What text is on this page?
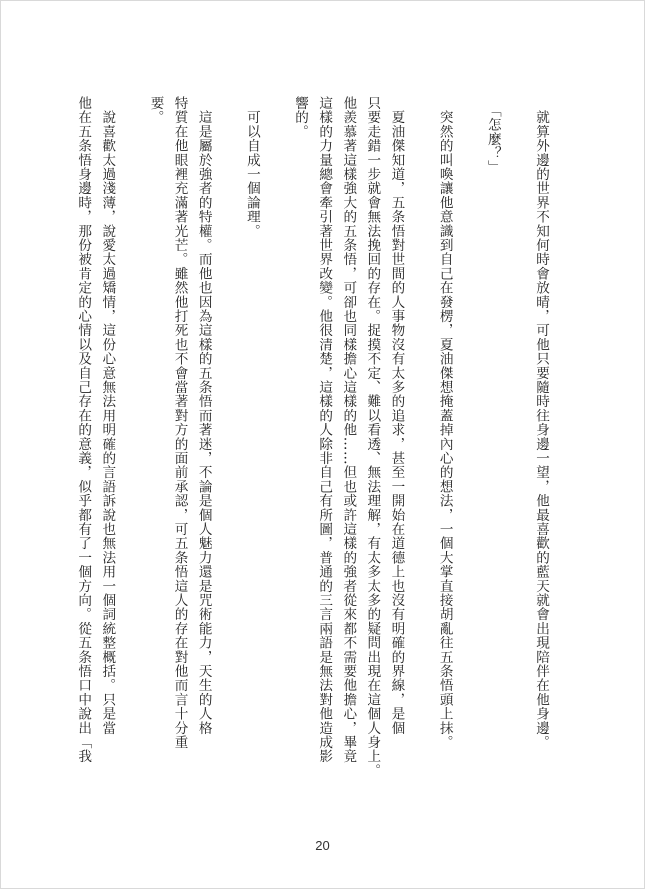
　就算外邊的世界不知何時會放晴，可他只要隨時往身邊一望，他最喜歡的藍天就會出現陪伴在他身邊。
　「怎麼？」
　突然的叫喚讓他意識到自己在發楞，夏油傑想掩蓋掉內心的想法，一個大掌直接胡亂往五条悟頭上抹。
　夏油傑知道，五条悟對世間的人事物沒有太多的追求，甚至一開始在道德上也沒有明確的界線，是個
只要走錯一步就會無法挽回的存在。捉摸不定、難以看透、無法理解，有太多太多的疑問出現在這個人身上。
他羨慕著這樣強大的五条悟，可卻也同樣擔心這樣的他……但也或許這樣的強者從來都不需要他擔心，畢竟
這樣的力量總會牽引著世界改變。他很清楚，這樣的人除非自己有所圖，普通的三言兩語是無法對他造成影
響的。
　可以自成一個論理。
　這是屬於強者的特權。而他也因為這樣的五条悟而著迷，不論是個人魅力還是咒術能力，天生的人格
特質在他眼裡充滿著光芒。雖然他打死也不會當著對方的面前承認，可五条悟這人的存在對他而言十分重
要。
　說喜歡太過淺薄，說愛太過矯情，這份心意無法用明確的言語訴說也無法用一個詞統整概括。只是當
他在五条悟身邊時，那份被肯定的心情以及自己存在的意義，似乎都有了一個方向。從五条悟口中說出「我
20
